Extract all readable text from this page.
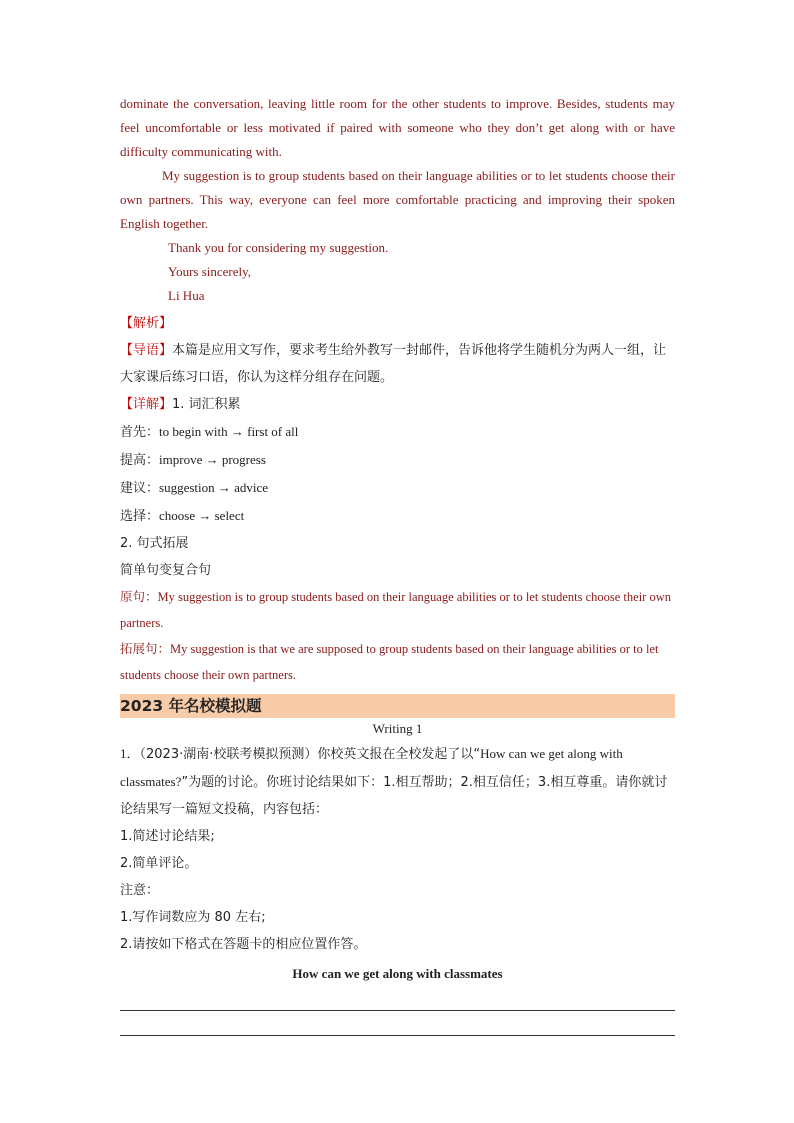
dominate the conversation, leaving little room for the other students to improve. Besides, students may feel uncomfortable or less motivated if paired with someone who they don’t get along with or have difficulty communicating with.

My suggestion is to group students based on their language abilities or to let students choose their own partners. This way, everyone can feel more comfortable practicing and improving their spoken English together.

Thank you for considering my suggestion.

Yours sincerely,

Li Hua

【解析】

【导语】本篇是应用文写作，要求考生给外教写一封邮件，告诉他将学生随机分为两人一组，让大家课后练习口语，你认为这样分组存在问题。

【详解】1. 词汇积累

首先：to begin with → first of all

提高：improve → progress

建议：suggestion → advice

选择：choose → select

2. 句式拓展

简单句变复合句

原句：My suggestion is to group students based on their language abilities or to let students choose their own partners.

拓展句：My suggestion is that we are supposed to group students based on their language abilities or to let students choose their own partners.

2023 年名校模拟题

Writing 1

1．（2023·湖南·校联考模拟预测）你校英文报在全校发起了以“How can we get along with classmates?”为题的讨论。你班讨论结果如下：1.相互帮助；2.相互信任；3.相互尊重。请你就讨论结果写一篇短文投稿，内容包括：

1.简述讨论结果;

2.简单评论。

注意：

1.写作词数应为 80 左右;

2.请按如下格式在答题卡的相应位置作答。

How can we get along with classmates
